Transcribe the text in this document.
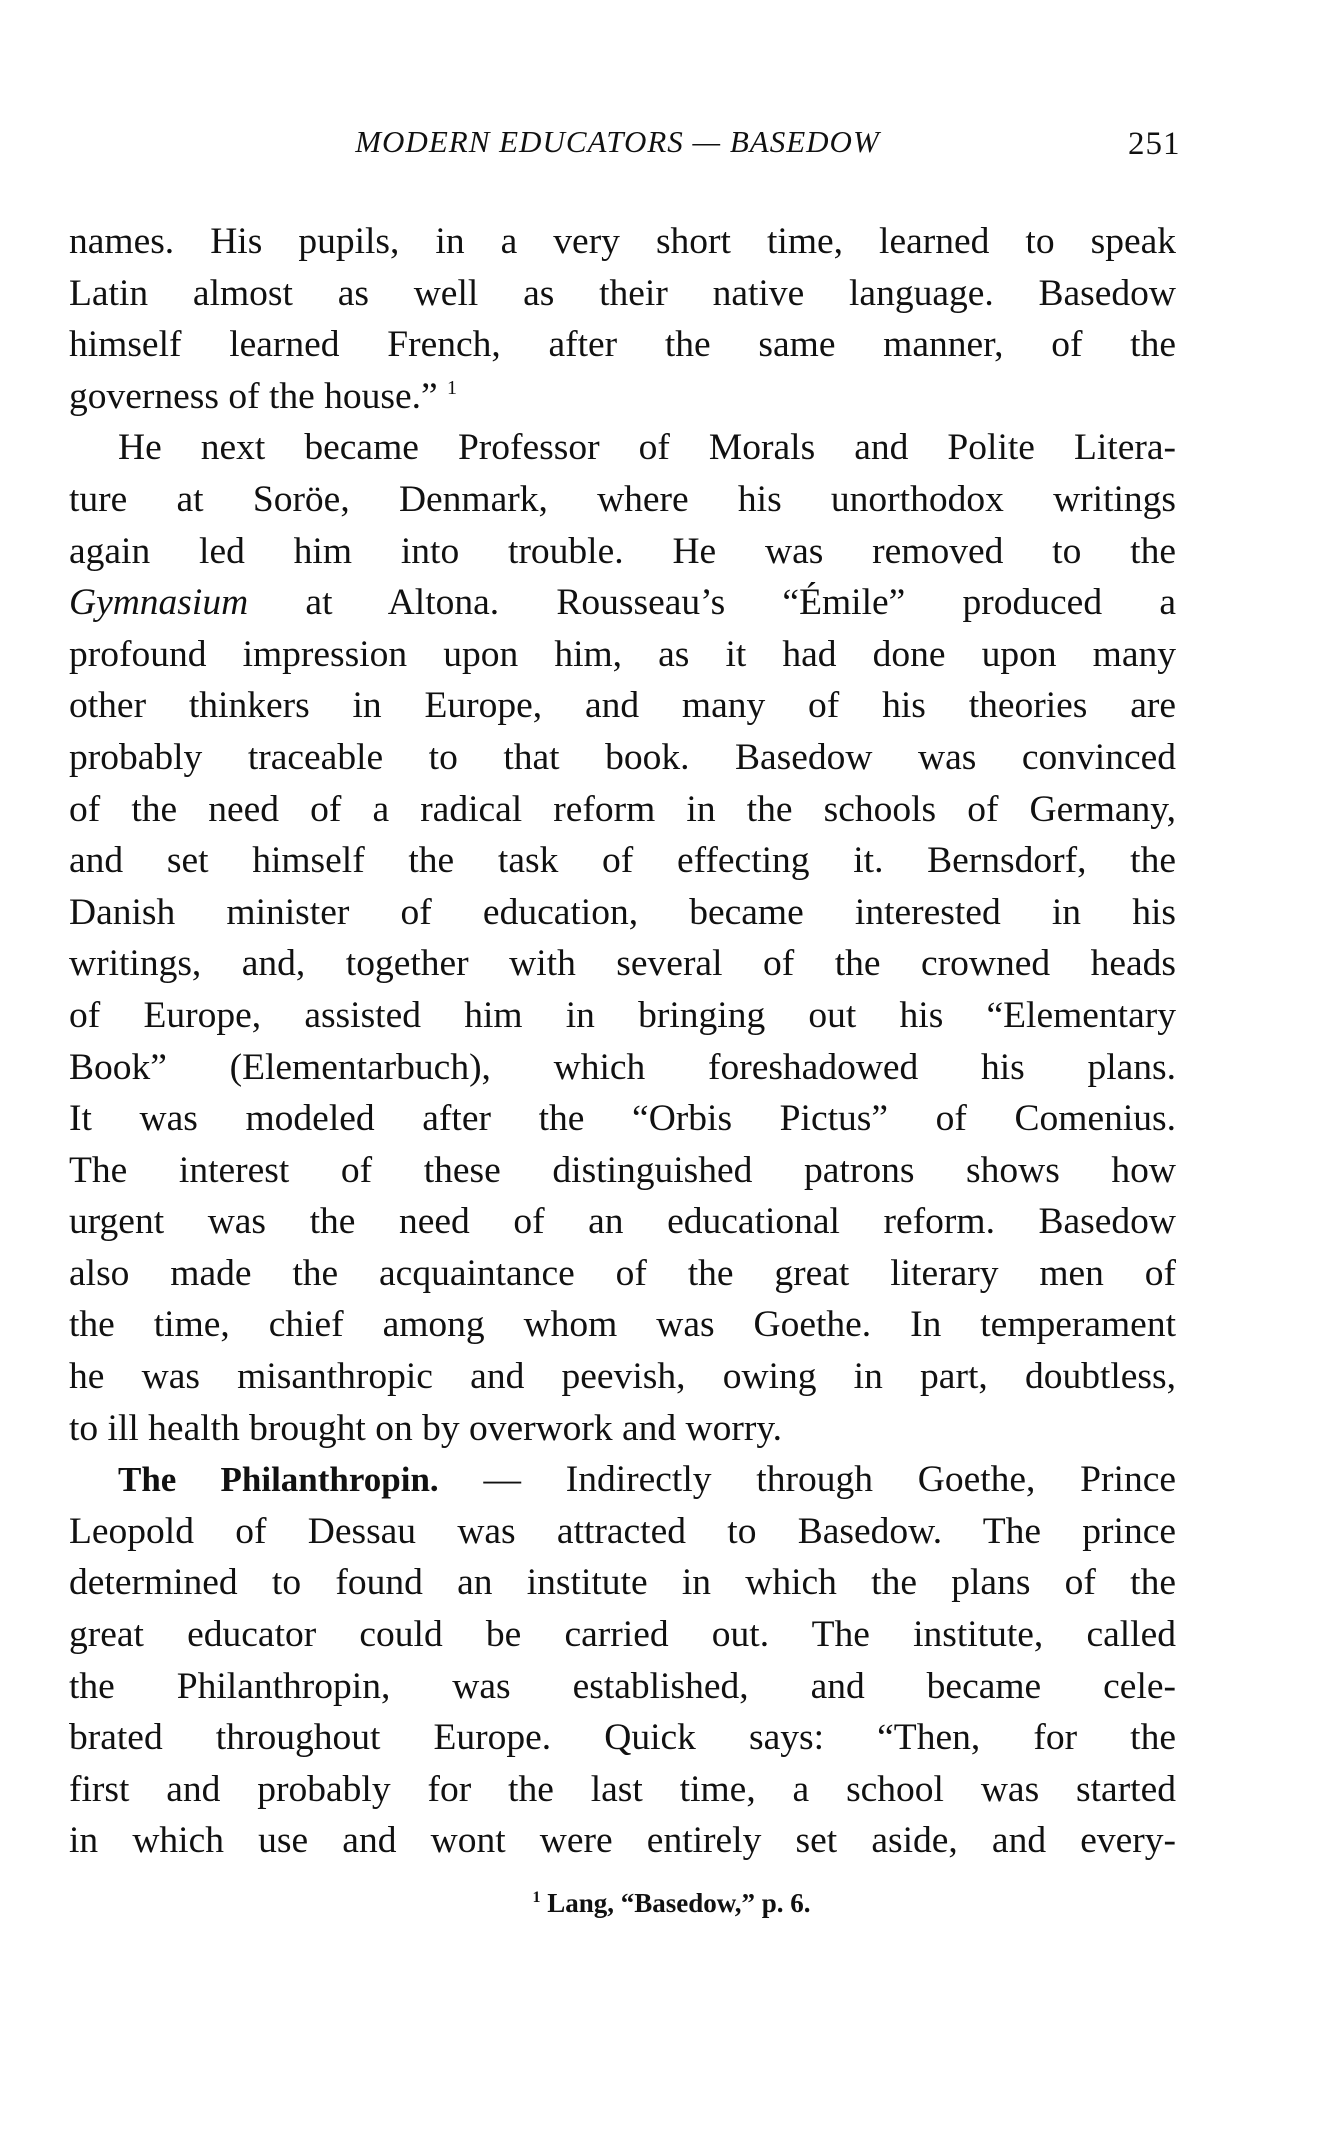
MODERN EDUCATORS — BASEDOW	251
names. His pupils, in a very short time, learned to speak
Latin almost as well as their native language. Basedow
himself learned French, after the same manner, of the
governess of the house.” $^1$
He next became Professor of Morals and Polite Litera-
ture at Soröe, Denmark, where his unorthodox writings
again led him into trouble. He was removed to the
Gymnasium at Altona. Rousseau’s “Émile” produced a
profound impression upon him, as it had done upon many
other thinkers in Europe, and many of his theories are
probably traceable to that book. Basedow was convinced
of the need of a radical reform in the schools of Germany,
and set himself the task of effecting it. Bernsdorf, the
Danish minister of education, became interested in his
writings, and, together with several of the crowned heads
of Europe, assisted him in bringing out his “Elementary
Book” (Elementarbuch), which foreshadowed his plans.
It was modeled after the “Orbis Pictus” of Comenius.
The interest of these distinguished patrons shows how
urgent was the need of an educational reform. Basedow
also made the acquaintance of the great literary men of
the time, chief among whom was Goethe. In temperament
he was misanthropic and peevish, owing in part, doubtless,
to ill health brought on by overwork and worry.
The Philanthropin. — Indirectly through Goethe, Prince
Leopold of Dessau was attracted to Basedow. The prince
determined to found an institute in which the plans of the
great educator could be carried out. The institute, called
the Philanthropin, was established, and became cele-
brated throughout Europe. Quick says: “Then, for the
first and probably for the last time, a school was started
in which use and wont were entirely set aside, and every-
$^1$ Lang, “Basedow,” p. 6.
